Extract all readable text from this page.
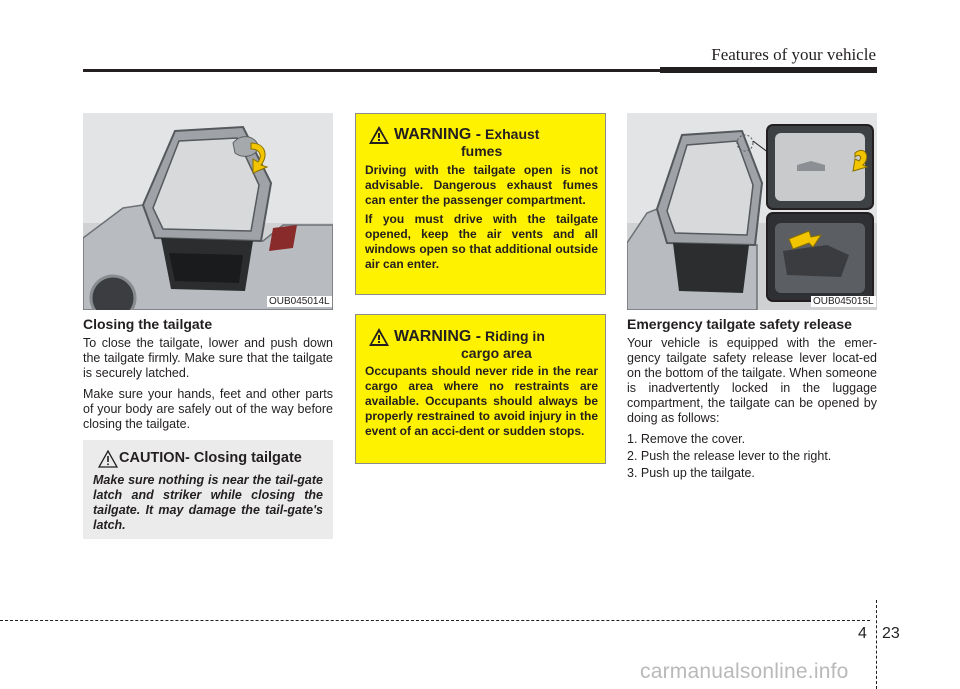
Features of your vehicle
OUB045014L
Closing the tailgate

To close the tailgate, lower and push down the tailgate firmly. Make sure that the tailgate is securely latched.

Make sure your hands, feet and other parts of your body are safely out of the way before closing the tailgate.

CAUTION- Closing tailgate
Make sure nothing is near the tail-gate latch and striker while closing the tailgate. It may damage the tail-gate's latch.
WARNING - Exhaust
fumes

Driving with the tailgate open is not advisable. Dangerous exhaust fumes can enter the passenger compartment.

If you must drive with the tailgate opened, keep the air vents and all windows open so that additional outside air can enter.

WARNING - Riding in
cargo area

Occupants should never ride in the rear cargo area where no restraints are available. Occupants should always be properly restrained to avoid injury in the event of an acci-dent or sudden stops.

OUB045015L
Emergency tailgate safety release

Your vehicle is equipped with the emer-gency tailgate safety release lever locat-ed on the bottom of the tailgate. When someone is inadvertently locked in the luggage compartment, the tailgate can be opened by doing as follows:

1. Remove the cover.

2. Push the release lever to the right.

3. Push up the tailgate.

4 23
carmanualsonline.info
